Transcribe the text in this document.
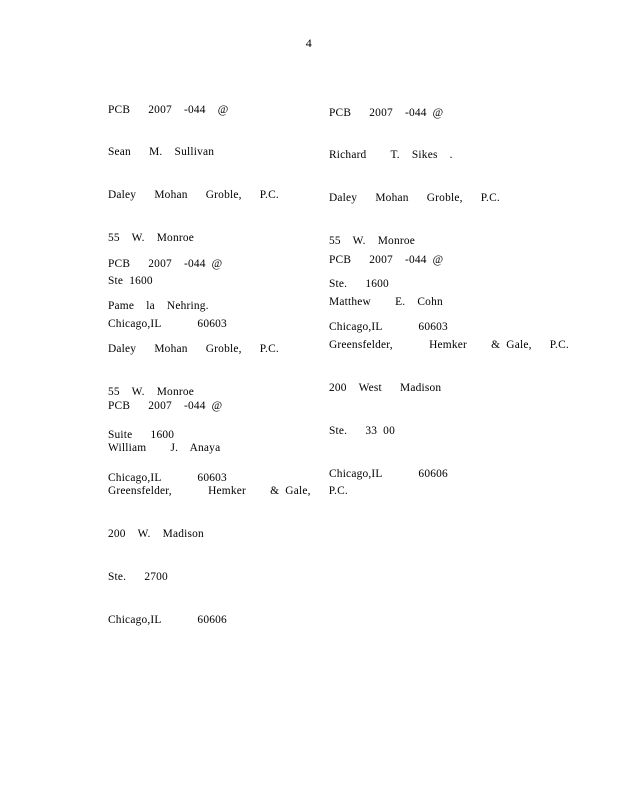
4

PCB   2007  -044  @

Sean   M.  Sullivan

Daley   Mohan   Groble,   P.C.

55  W.  Monroe

Ste 1600

Chicago,IL      60603

PCB   2007  -044 @

Richard    T.  Sikes  .

Daley   Mohan   Groble,   P.C.

55  W.  Monroe

Ste.   1600

Chicago,IL      60603

PCB   2007  -044 @

Pame  la  Nehring.

Daley   Mohan   Groble,   P.C.

55  W.  Monroe

Suite   1600

Chicago,IL      60603

PCB   2007  -044 @

Matthew    E.  Cohn

Greensfelder,      Hemker    & Gale,   P.C.

200  West   Madison

Ste.   33 00

Chicago,IL      60606

PCB   2007  -044 @

William    J.  Anaya

Greensfelder,      Hemker    & Gale,   P.C.

200  W.  Madison

Ste.   2700

Chicago,IL      60606
